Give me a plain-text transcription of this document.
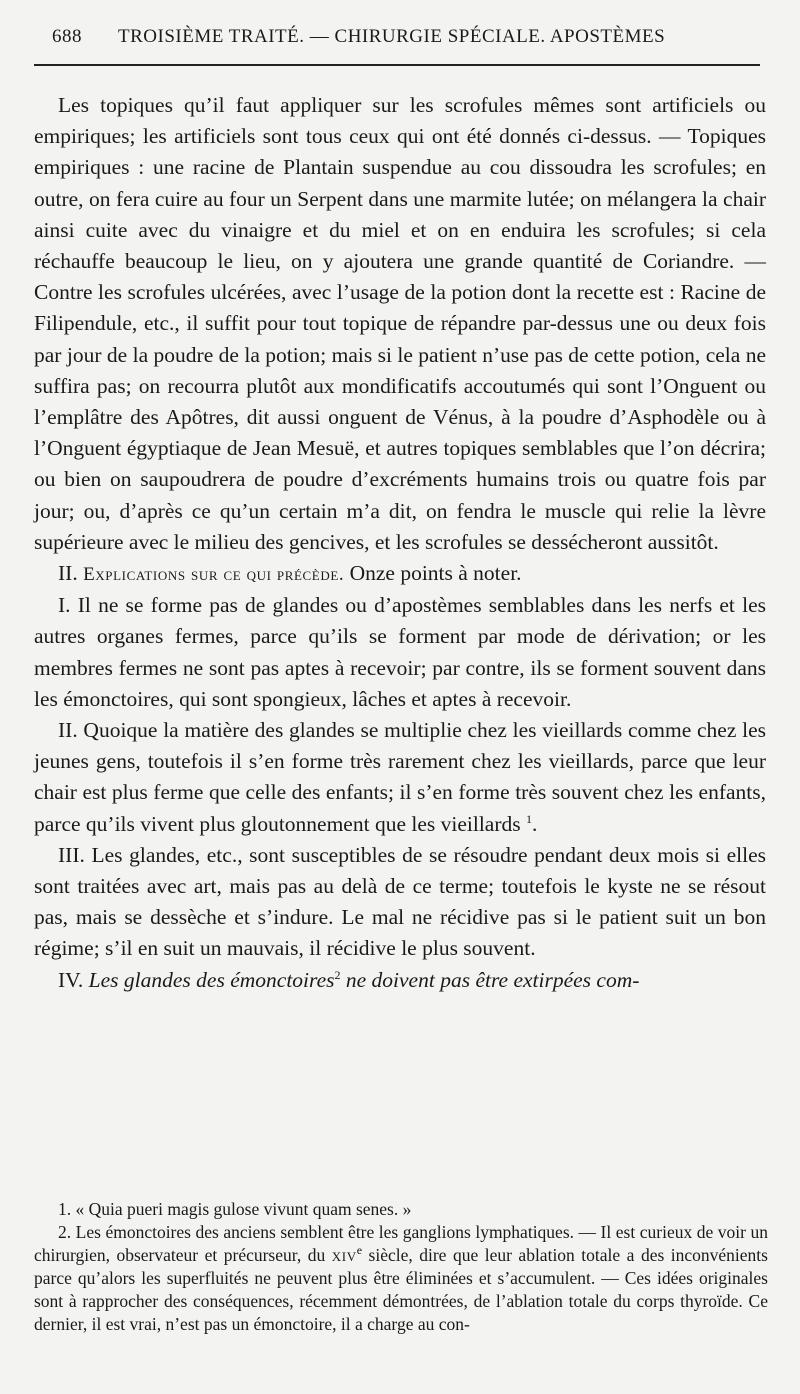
688 TROISIÈME TRAITÉ. — CHIRURGIE SPÉCIALE. APOSTÈMES

Les topiques qu’il faut appliquer sur les scrofules mêmes sont artificiels ou empiriques; les artificiels sont tous ceux qui ont été donnés ci-dessus. — Topiques empiriques : une racine de Plantain suspendue au cou dissoudra les scrofules; en outre, on fera cuire au four un Serpent dans une marmite lutée; on mélangera la chair ainsi cuite avec du vinaigre et du miel et on en enduira les scrofules; si cela réchauffe beaucoup le lieu, on y ajoutera une grande quantité de Coriandre. — Contre les scrofules ulcérées, avec l’usage de la potion dont la recette est : Racine de Filipendule, etc., il suffit pour tout topique de répandre par-dessus une ou deux fois par jour de la poudre de la potion; mais si le patient n’use pas de cette potion, cela ne suffira pas; on recourra plutôt aux mondificatifs accoutumés qui sont l’Onguent ou l’emplâtre des Apôtres, dit aussi onguent de Vénus, à la poudre d’Asphodèle ou à l’Onguent égyptiaque de Jean Mesuë, et autres topiques semblables que l’on décrira; ou bien on saupoudrera de poudre d’excréments humains trois ou quatre fois par jour; ou, d’après ce qu’un certain m’a dit, on fendra le muscle qui relie la lèvre supérieure avec le milieu des gencives, et les scrofules se dessécheront aussitôt.

II. Explications sur ce qui précède. Onze points à noter.

I. Il ne se forme pas de glandes ou d’apostèmes semblables dans les nerfs et les autres organes fermes, parce qu’ils se forment par mode de dérivation; or les membres fermes ne sont pas aptes à recevoir; par contre, ils se forment souvent dans les émonctoires, qui sont spongieux, lâches et aptes à recevoir.

II. Quoique la matière des glandes se multiplie chez les vieillards comme chez les jeunes gens, toutefois il s’en forme très rarement chez les vieillards, parce que leur chair est plus ferme que celle des enfants; il s’en forme très souvent chez les enfants, parce qu’ils vivent plus gloutonnement que les vieillards $^1$.

III. Les glandes, etc., sont susceptibles de se résoudre pendant deux mois si elles sont traitées avec art, mais pas au delà de ce terme; toutefois le kyste ne se résout pas, mais se dessèche et s’indure. Le mal ne récidive pas si le patient suit un bon régime; s’il en suit un mauvais, il récidive le plus souvent.

IV. Les glandes des émonctoires$^2$ ne doivent pas être extirpées com-

1. « Quia pueri magis gulose vivunt quam senes. »

2. Les émonctoires des anciens semblent être les ganglions lymphatiques. — Il est curieux de voir un chirurgien, observateur et précurseur, du xiv$^e$ siècle, dire que leur ablation totale a des inconvénients parce qu’alors les superfluités ne peuvent plus être éliminées et s’accumulent. — Ces idées originales sont à rapprocher des conséquences, récemment démontrées, de l’ablation totale du corps thyroïde. Ce dernier, il est vrai, n’est pas un émonctoire, il a charge au con-
